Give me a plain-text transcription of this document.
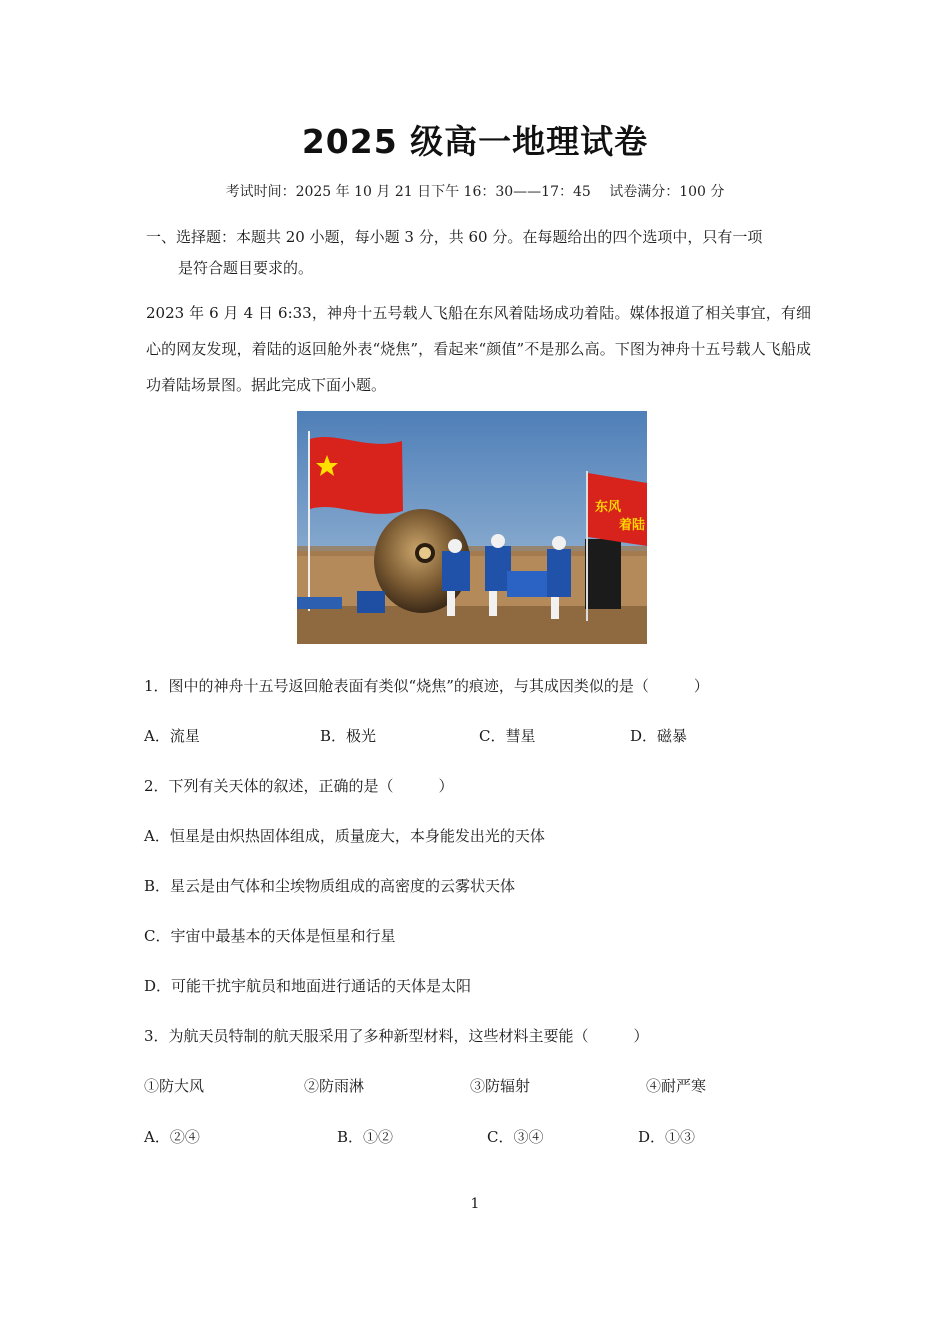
2025 级高一地理试卷
考试时间：2025 年 10 月 21 日下午 16：30——17：45　 试卷满分：100 分
一、选择题：本题共 20 小题，每小题 3 分，共 60 分。在每题给出的四个选项中，只有一项
是符合题目要求的。
2023 年 6 月 4 日 6:33，神舟十五号载人飞船在东风着陆场成功着陆。媒体报道了相关事宜，有细心的网友发现，着陆的返回舱外表“烧焦”，看起来“颜值”不是那么高。下图为神舟十五号载人飞船成功着陆场景图。据此完成下面小题。
东风
着陆
1．图中的神舟十五号返回舱表面有类似“烧焦”的痕迹，与其成因类似的是（　　　）
A．流星	B．极光	C．彗星	D．磁暴
2．下列有关天体的叙述，正确的是（　　　）
A．恒星是由炽热固体组成，质量庞大，本身能发出光的天体
B．星云是由气体和尘埃物质组成的高密度的云雾状天体
C．宇宙中最基本的天体是恒星和行星
D．可能干扰宇航员和地面进行通话的天体是太阳
3．为航天员特制的航天服采用了多种新型材料，这些材料主要能（　　　）
①防大风	②防雨淋	③防辐射	④耐严寒
A．②④	B．①②	C．③④	D．①③
1
